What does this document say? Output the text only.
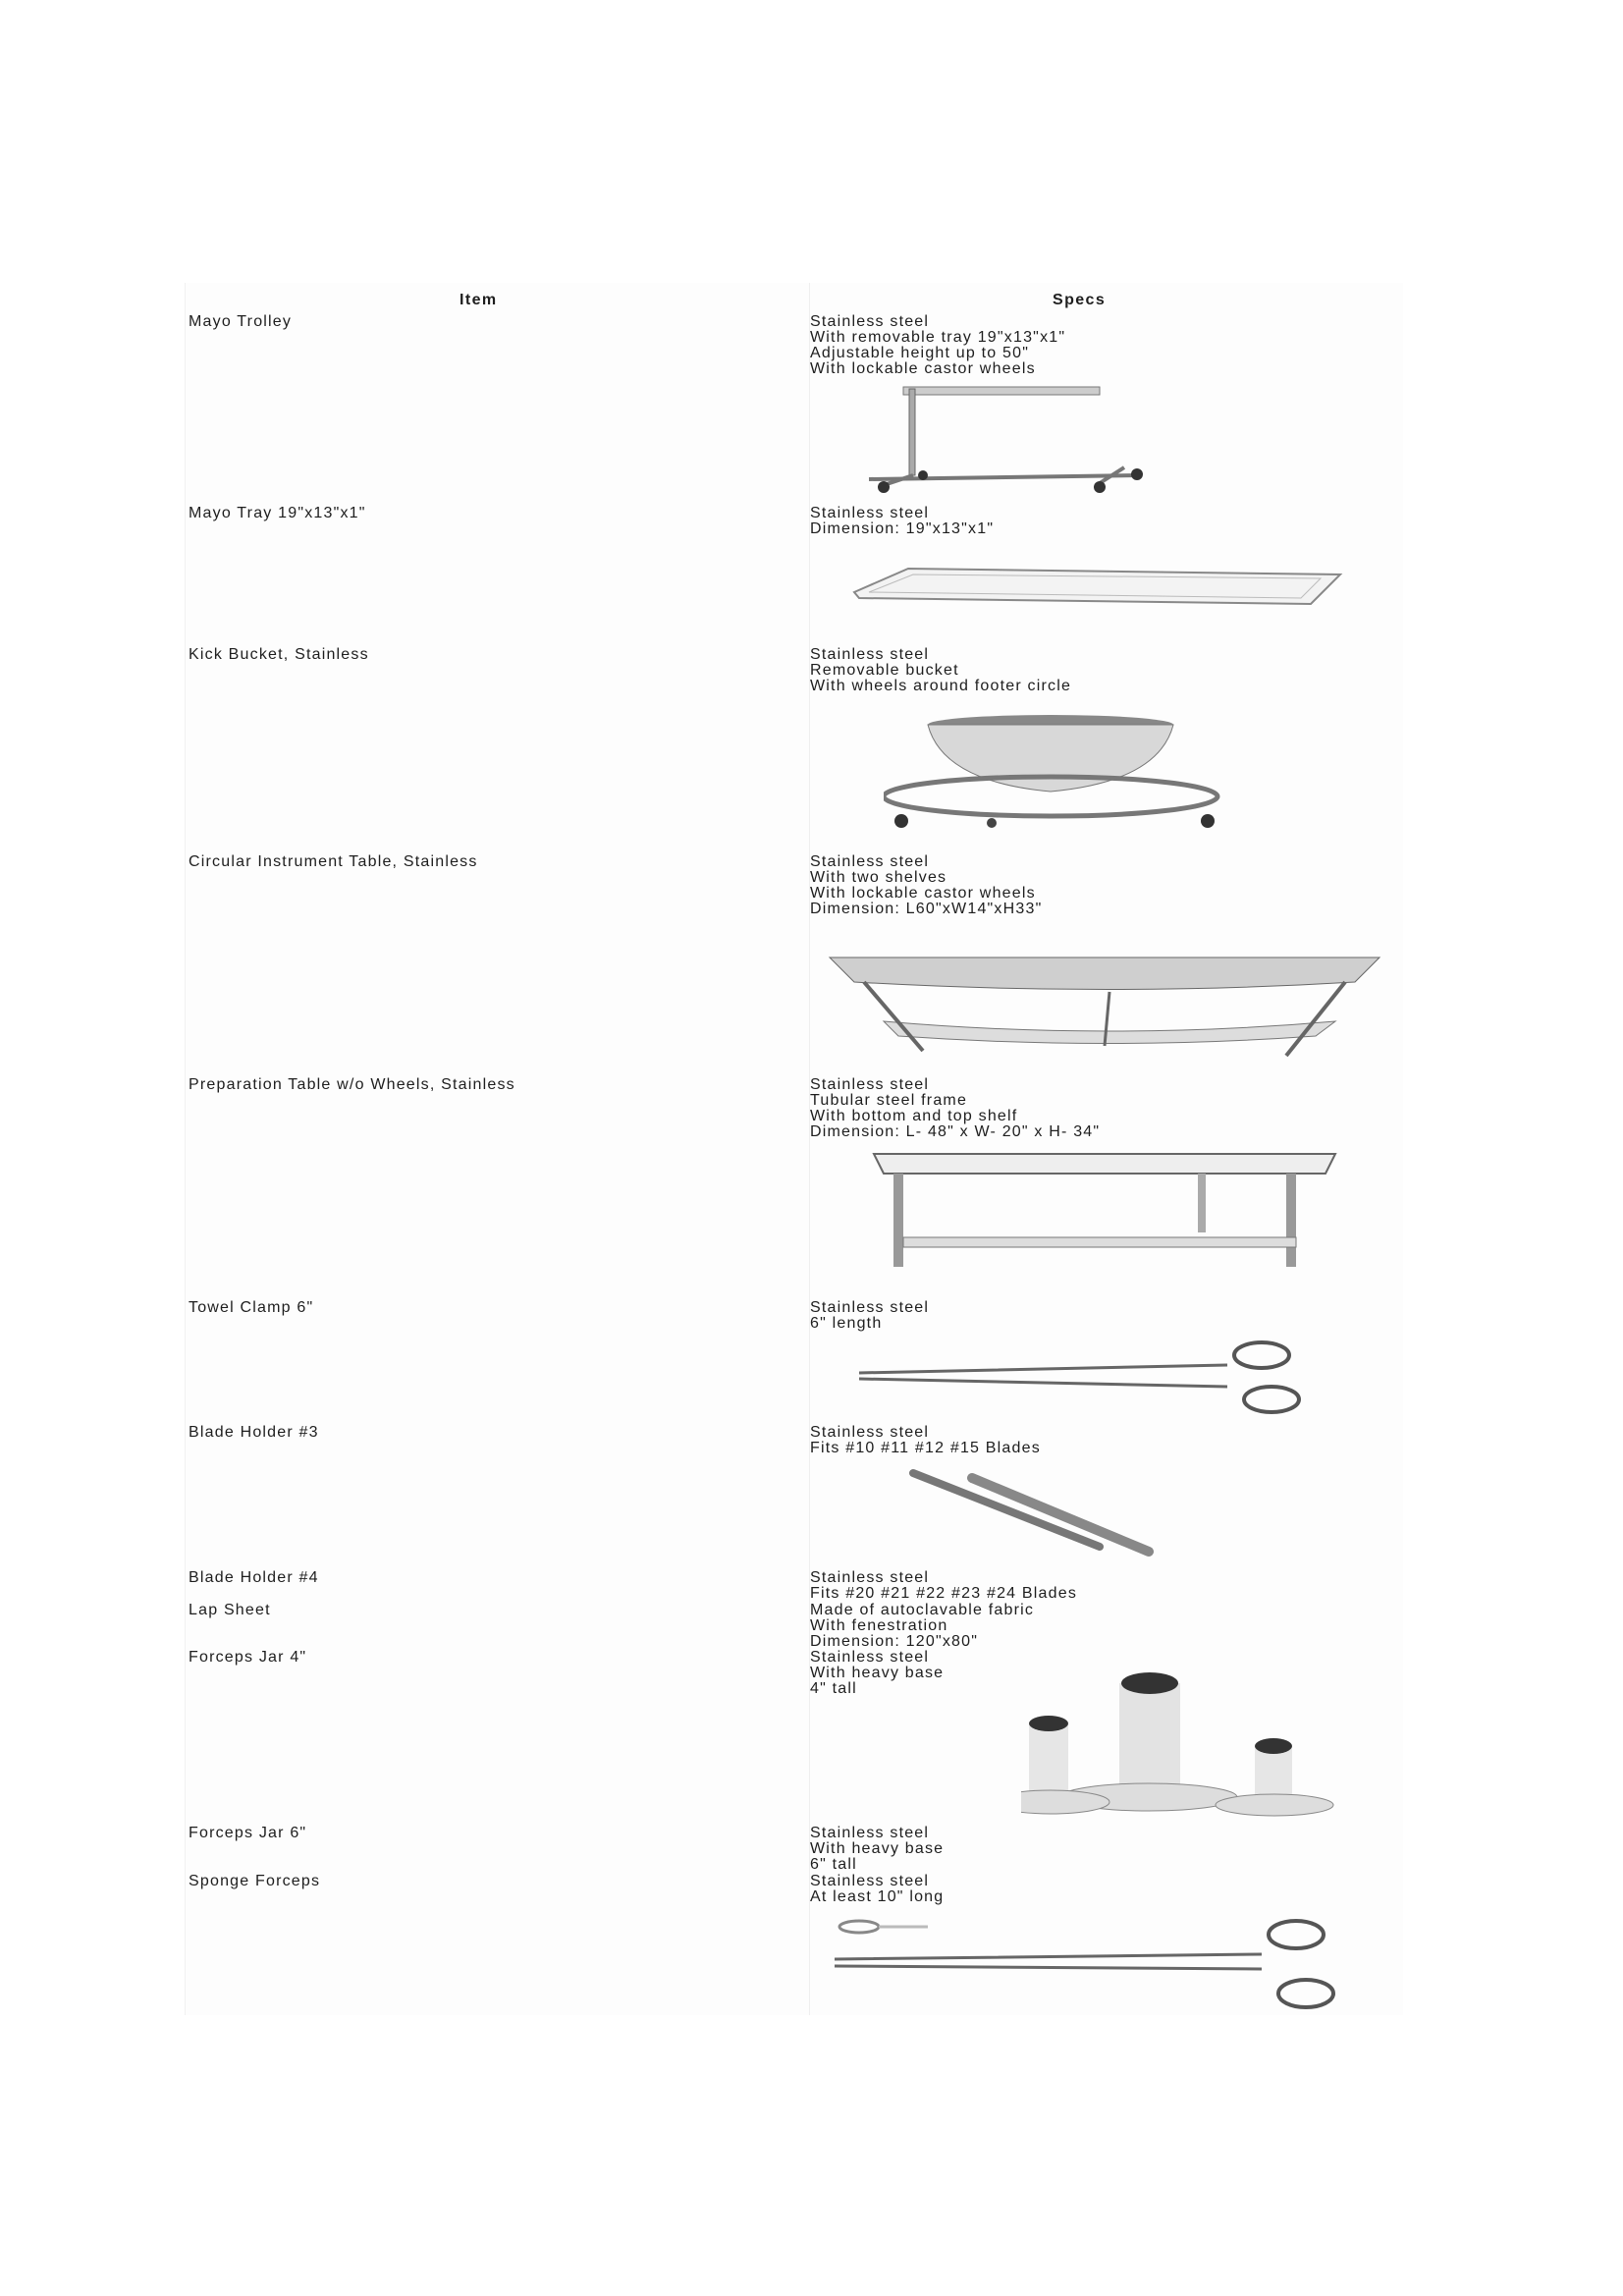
Item	Specs
Mayo Trolley	Stainless steel
With removable tray 19"x13"x1"
Adjustable height up to 50"
With lockable castor wheels
Mayo Tray 19"x13"x1"	Stainless steel
Dimension: 19"x13"x1"
Kick Bucket, Stainless	Stainless steel
Removable bucket
With wheels around footer circle
Circular Instrument Table, Stainless	Stainless steel
With two shelves
With lockable castor wheels
Dimension: L60"xW14"xH33"
Preparation Table w/o Wheels, Stainless	Stainless steel
Tubular steel frame
With bottom and top shelf
Dimension: L- 48" x W- 20" x H- 34"
Towel Clamp 6"	Stainless steel
6" length
Blade Holder #3	Stainless steel
Fits #10 #11 #12 #15 Blades
Blade Holder #4	Stainless steel
Fits #20 #21 #22 #23 #24 Blades
Lap Sheet	Made of autoclavable fabric
With fenestration
Dimension: 120"x80"
Forceps Jar 4"	Stainless steel
With heavy base
4" tall
Forceps Jar 6"	Stainless steel
With heavy base
6" tall
Sponge Forceps	Stainless steel
At least 10" long
